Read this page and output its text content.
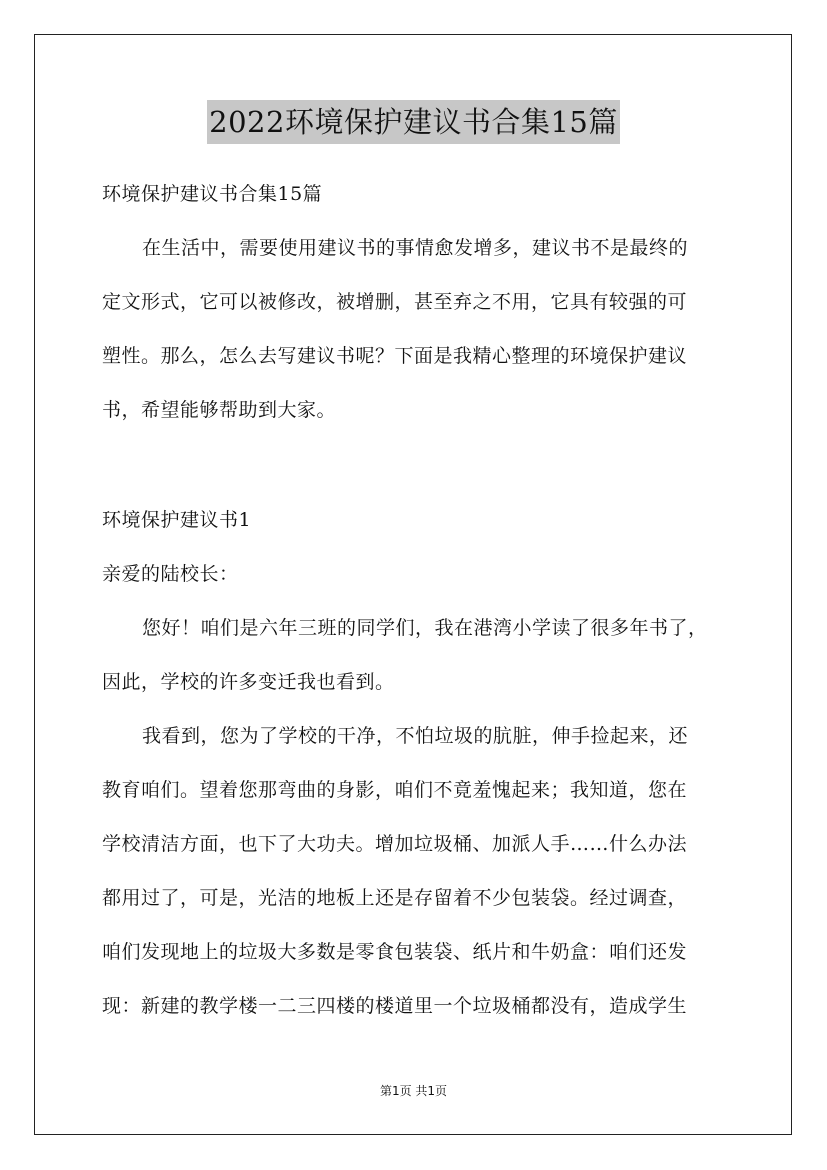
2022环境保护建议书合集15篇
环境保护建议书合集15篇
在生活中，需要使用建议书的事情愈发增多，建议书不是最终的
定文形式，它可以被修改，被增删，甚至弃之不用，它具有较强的可
塑性。那么，怎么去写建议书呢？下面是我精心整理的环境保护建议
书，希望能够帮助到大家。
环境保护建议书1
亲爱的陆校长：
您好！咱们是六年三班的同学们，我在港湾小学读了很多年书了，
因此，学校的许多变迁我也看到。
我看到，您为了学校的干净，不怕垃圾的肮脏，伸手捡起来，还
教育咱们。望着您那弯曲的身影，咱们不竟羞愧起来；我知道，您在
学校清洁方面，也下了大功夫。增加垃圾桶、加派人手……什么办法
都用过了，可是，光洁的地板上还是存留着不少包装袋。经过调查，
咱们发现地上的垃圾大多数是零食包装袋、纸片和牛奶盒：咱们还发
现：新建的教学楼一二三四楼的楼道里一个垃圾桶都没有，造成学生
第1页 共1页
